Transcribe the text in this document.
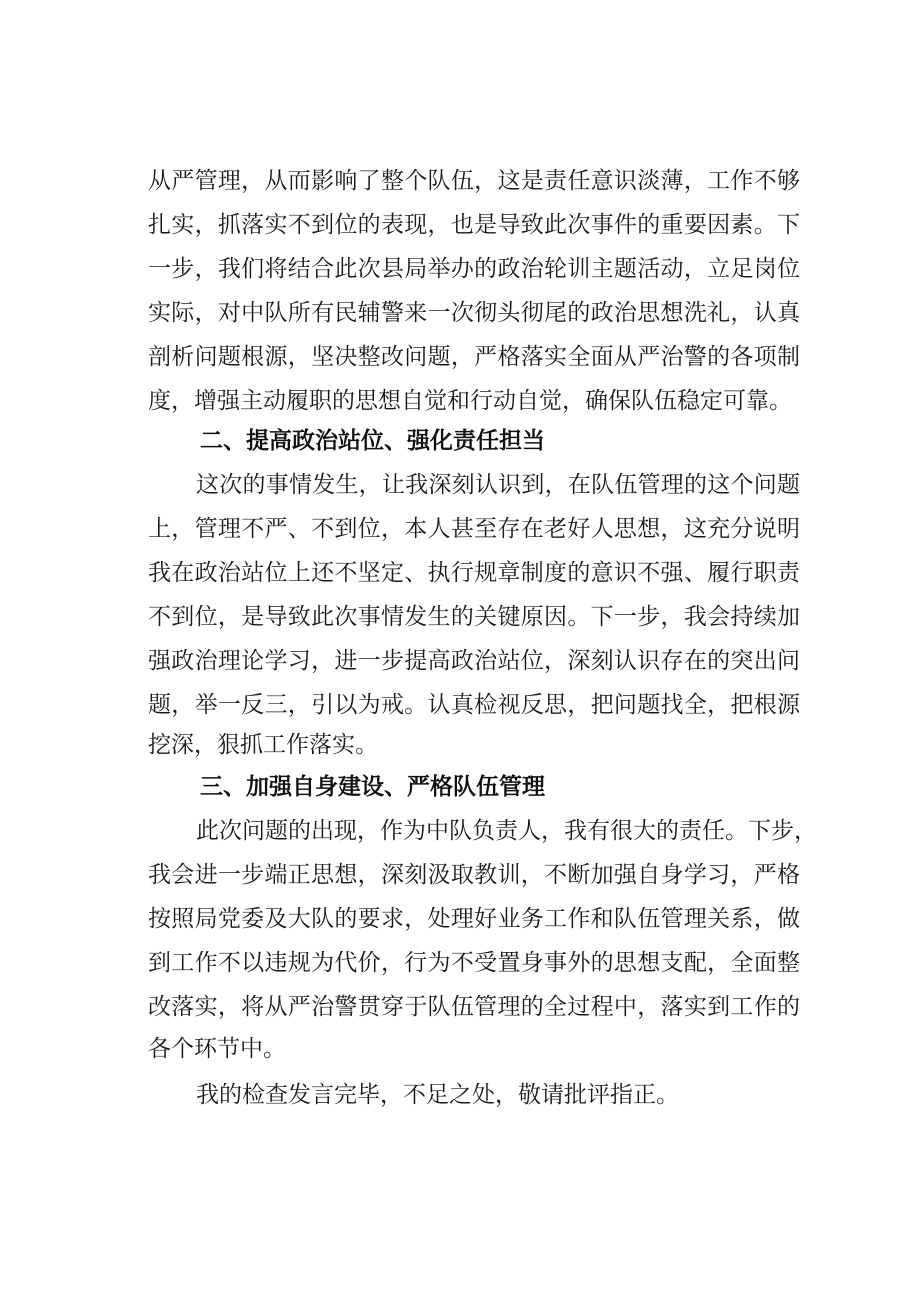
从严管理，从而影响了整个队伍，这是责任意识淡薄，工作不够

扎实，抓落实不到位的表现，也是导致此次事件的重要因素。下

一步，我们将结合此次县局举办的政治轮训主题活动，立足岗位

实际，对中队所有民辅警来一次彻头彻尾的政治思想洗礼，认真

剖析问题根源，坚决整改问题，严格落实全面从严治警的各项制

度，增强主动履职的思想自觉和行动自觉，确保队伍稳定可靠。

二、提高政治站位、强化责任担当

这次的事情发生，让我深刻认识到，在队伍管理的这个问题

上，管理不严、不到位，本人甚至存在老好人思想，这充分说明

我在政治站位上还不坚定、执行规章制度的意识不强、履行职责

不到位，是导致此次事情发生的关键原因。下一步，我会持续加

强政治理论学习，进一步提高政治站位，深刻认识存在的突出问

题，举一反三，引以为戒。认真检视反思，把问题找全，把根源

挖深，狠抓工作落实。

三、加强自身建设、严格队伍管理

此次问题的出现，作为中队负责人，我有很大的责任。下步，

我会进一步端正思想，深刻汲取教训，不断加强自身学习，严格

按照局党委及大队的要求，处理好业务工作和队伍管理关系，做

到工作不以违规为代价，行为不受置身事外的思想支配，全面整

改落实，将从严治警贯穿于队伍管理的全过程中，落实到工作的

各个环节中。

我的检查发言完毕，不足之处，敬请批评指正。
